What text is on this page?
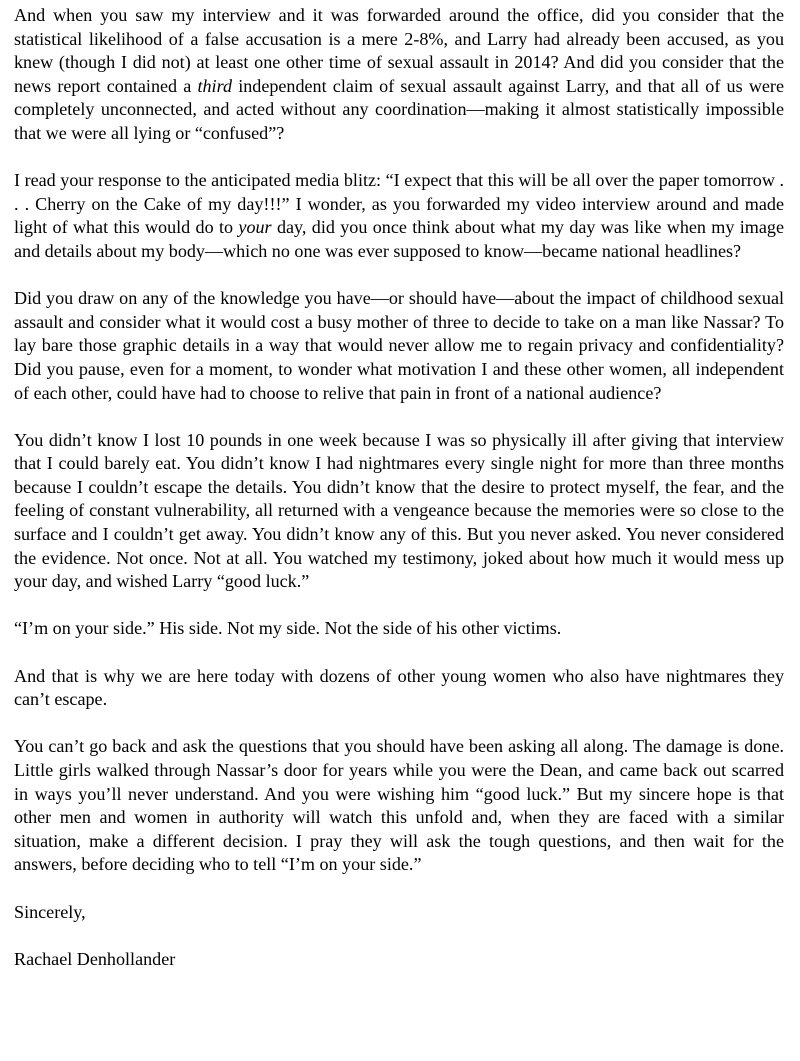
And when you saw my interview and it was forwarded around the office, did you consider that the statistical likelihood of a false accusation is a mere 2-8%, and Larry had already been accused, as you knew (though I did not) at least one other time of sexual assault in 2014? And did you consider that the news report contained a third independent claim of sexual assault against Larry, and that all of us were completely unconnected, and acted without any coordination—making it almost statistically impossible that we were all lying or “confused”?

I read your response to the anticipated media blitz: “I expect that this will be all over the paper tomorrow . . . Cherry on the Cake of my day!!!” I wonder, as you forwarded my video interview around and made light of what this would do to your day, did you once think about what my day was like when my image and details about my body—which no one was ever supposed to know—became national headlines?

Did you draw on any of the knowledge you have—or should have—about the impact of childhood sexual assault and consider what it would cost a busy mother of three to decide to take on a man like Nassar? To lay bare those graphic details in a way that would never allow me to regain privacy and confidentiality? Did you pause, even for a moment, to wonder what motivation I and these other women, all independent of each other, could have had to choose to relive that pain in front of a national audience?

You didn’t know I lost 10 pounds in one week because I was so physically ill after giving that interview that I could barely eat. You didn’t know I had nightmares every single night for more than three months because I couldn’t escape the details. You didn’t know that the desire to protect myself, the fear, and the feeling of constant vulnerability, all returned with a vengeance because the memories were so close to the surface and I couldn’t get away. You didn’t know any of this. But you never asked. You never considered the evidence. Not once. Not at all. You watched my testimony, joked about how much it would mess up your day, and wished Larry “good luck.”

“I’m on your side.” His side. Not my side. Not the side of his other victims.

And that is why we are here today with dozens of other young women who also have nightmares they can’t escape.

You can’t go back and ask the questions that you should have been asking all along. The damage is done. Little girls walked through Nassar’s door for years while you were the Dean, and came back out scarred in ways you’ll never understand. And you were wishing him “good luck.” But my sincere hope is that other men and women in authority will watch this unfold and, when they are faced with a similar situation, make a different decision. I pray they will ask the tough questions, and then wait for the answers, before deciding who to tell “I’m on your side.”

Sincerely,

Rachael Denhollander
